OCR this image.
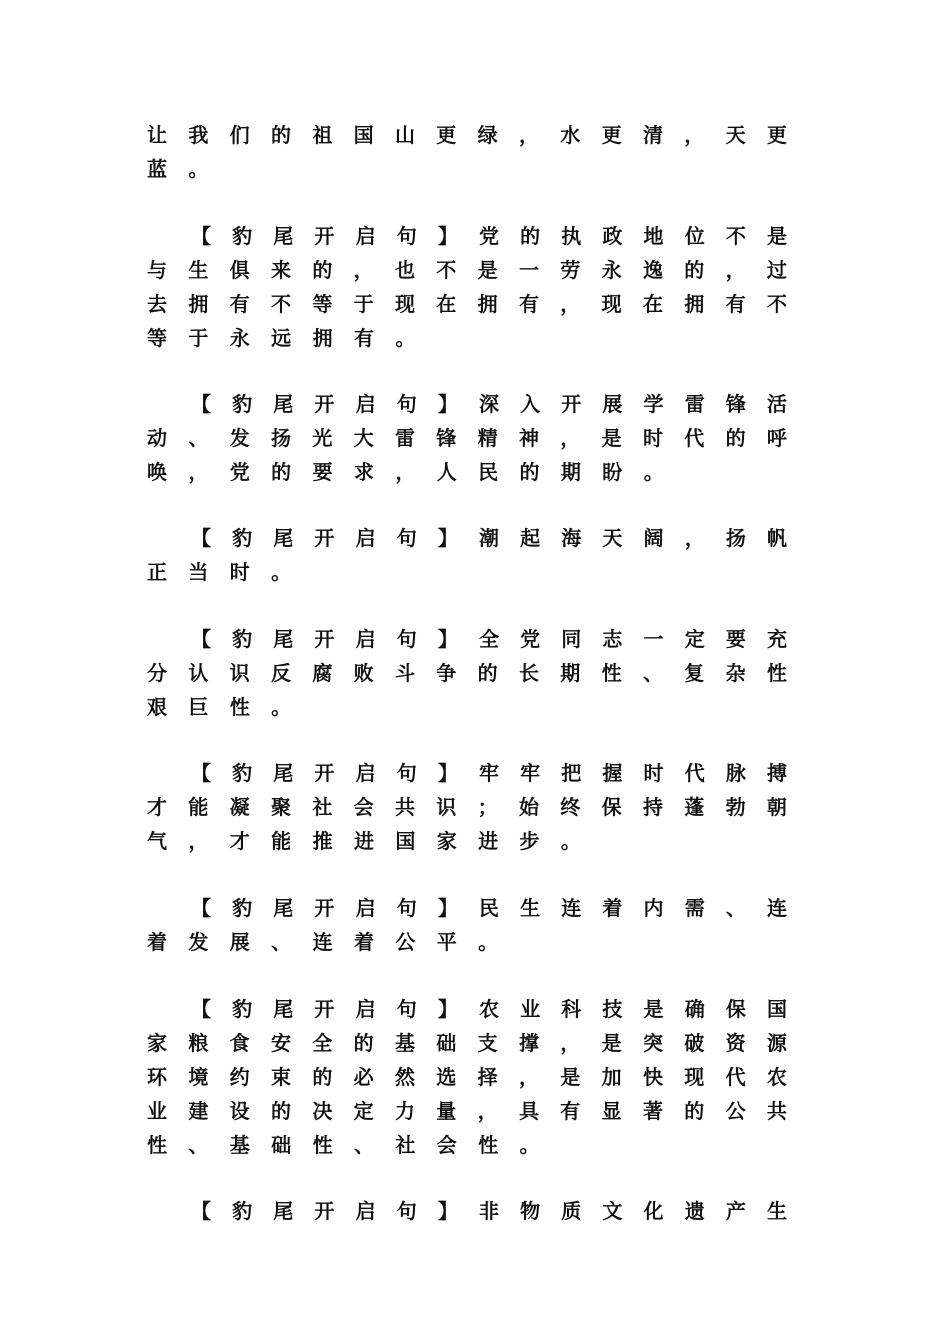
让 我 们 的 祖 国 山 更 绿 ， 水 更 清 ， 天 更
蓝 。
【 豹 尾 开 启 句 】 党 的 执 政 地 位 不 是
与 生 俱 来 的 ， 也 不 是 一 劳 永 逸 的 ， 过
去 拥 有 不 等 于 现 在 拥 有 ， 现 在 拥 有 不
等 于 永 远 拥 有 。
【 豹 尾 开 启 句 】 深 入 开 展 学 雷 锋 活
动 、 发 扬 光 大 雷 锋 精 神 ， 是 时 代 的 呼
唤 ， 党 的 要 求 ， 人 民 的 期 盼 。
【 豹 尾 开 启 句 】 潮 起 海 天 阔 ， 扬 帆
正 当 时 。
【 豹 尾 开 启 句 】 全 党 同 志 一 定 要 充
分 认 识 反 腐 败 斗 争 的 长 期 性 、 复 杂 性
艰 巨 性 。
【 豹 尾 开 启 句 】 牢 牢 把 握 时 代 脉 搏
才 能 凝 聚 社 会 共 识 ； 始 终 保 持 蓬 勃 朝
气 ， 才 能 推 进 国 家 进 步 。
【 豹 尾 开 启 句 】 民 生 连 着 内 需 、 连
着 发 展 、 连 着 公 平 。
【 豹 尾 开 启 句 】 农 业 科 技 是 确 保 国
家 粮 食 安 全 的 基 础 支 撑 ， 是 突 破 资 源
环 境 约 束 的 必 然 选 择 ， 是 加 快 现 代 农
业 建 设 的 决 定 力 量 ， 具 有 显 著 的 公 共
性 、 基 础 性 、 社 会 性 。
【 豹 尾 开 启 句 】 非 物 质 文 化 遗 产 生
